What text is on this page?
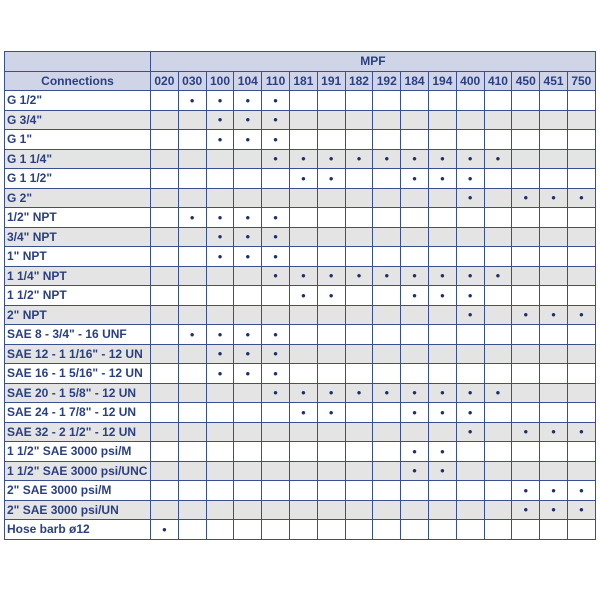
	MPF															
Connections	020	030	100	104	110	181	191	182	192	184	194	400	410	450	451	750
G 1/2"		•	•	•	•											
G 3/4"			•	•	•											
G 1"			•	•	•											
G 1 1/4"					•	•	•	•	•	•	•	•	•			
G 1 1/2"						•	•			•	•	•				
G 2"												•		•	•	•
1/2" NPT		•	•	•	•											
3/4" NPT			•	•	•											
1" NPT			•	•	•											
1 1/4" NPT					•	•	•	•	•	•	•	•	•			
1 1/2" NPT						•	•			•	•	•				
2" NPT												•		•	•	•
SAE 8 - 3/4" - 16 UNF		•	•	•	•											
SAE 12 - 1 1/16" - 12 UN			•	•	•											
SAE 16 - 1 5/16" - 12 UN			•	•	•											
SAE 20 - 1 5/8" - 12 UN					•	•	•	•	•	•	•	•	•			
SAE 24 - 1 7/8" - 12 UN						•	•			•	•	•				
SAE 32 - 2 1/2" - 12 UN												•		•	•	•
1 1/2" SAE 3000 psi/M										•	•					
1 1/2" SAE 3000 psi/UNC										•	•					
2" SAE 3000 psi/M														•	•	•
2" SAE 3000 psi/UN														•	•	•
Hose barb ø12	•															
